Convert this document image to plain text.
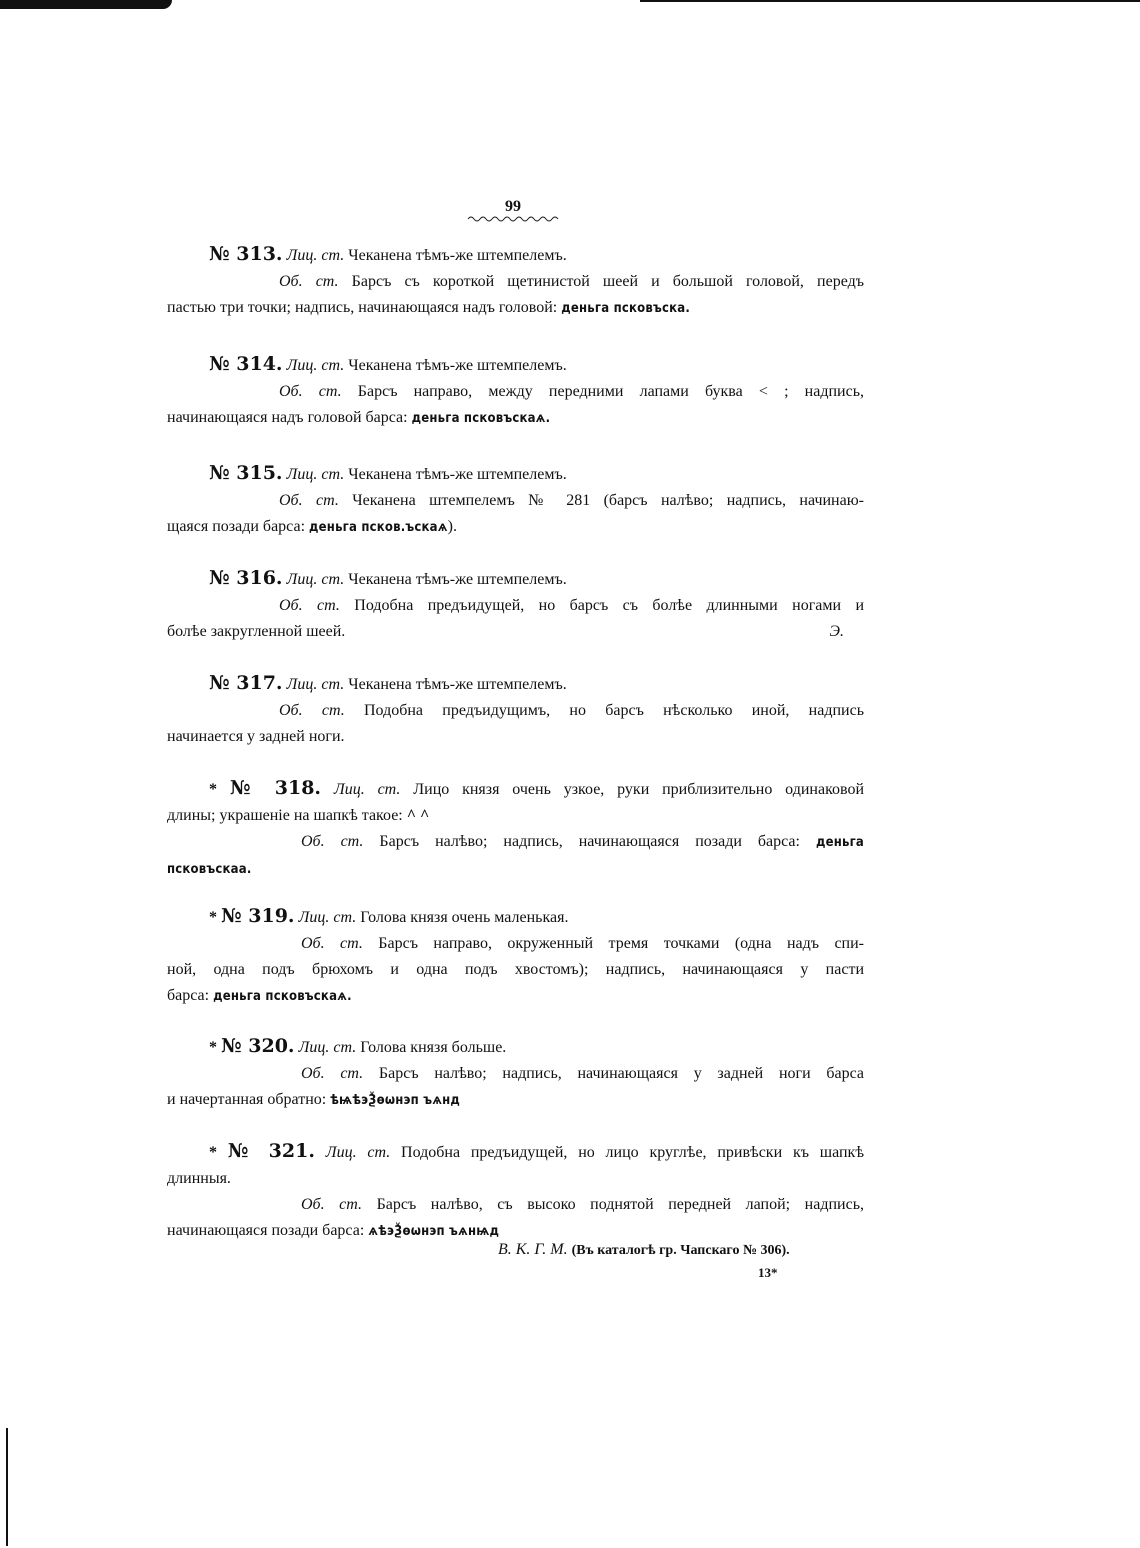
99
№ 313. Лиц. ст. Чеканена тѣмъ-же штемпелемъ.
Об. ст. Барсъ съ короткой щетинистой шеей и большой головой, передъ
пастью три точки; надпись, начинающаяся надъ головой: деньга псковъска.
№ 314. Лиц. ст. Чеканена тѣмъ-же штемпелемъ.
Об. ст. Барсъ направо, между передними лапами буква < ; надпись,
начинающаяся надъ головой барса: деньга псковъскаѧ.
№ 315. Лиц. ст. Чеканена тѣмъ-же штемпелемъ.
Об. ст. Чеканена штемпелемъ № 281 (барсъ налѣво; надпись, начинаю-
щаяся позади барса: деньга псков.ъскаѧ).
№ 316. Лиц. ст. Чеканена тѣмъ-же штемпелемъ.
Об. ст. Подобна предъидущей, но барсъ съ болѣе длинными ногами и
болѣе закругленной шеей.	Э.
№ 317. Лиц. ст. Чеканена тѣмъ-же штемпелемъ.
Об. ст. Подобна предъидущимъ, но барсъ нѣсколько иной, надпись
начинается у задней ноги.
* № 318. Лиц. ст. Лицо князя очень узкое, руки приблизительно одинаковой
длины; украшеніе на шапкѣ такое: ^ ^
Об. ст. Барсъ налѣво; надпись, начинающаяся позади барса: деньга
псковъскаа.
* № 319. Лиц. ст. Голова князя очень маленькая.
Об. ст. Барсъ направо, окруженный тремя точками (одна надъ спи-
ной, одна подъ брюхомъ и одна подъ хвостомъ); надпись, начинающаяся у пасти
барса: деньга псковъскаѧ.
* № 320. Лиц. ст. Голова князя больше.
Об. ст. Барсъ налѣво; надпись, начинающаяся у задней ноги барса
и начертанная обратно: ѣѩѣэѮѳѡнэп ъѧнд
* № 321. Лиц. ст. Подобна предъидущей, но лицо круглѣе, привѣски къ шапкѣ
длинныя.
Об. ст. Барсъ налѣво, съ высоко поднятой передней лапой; надпись,
начинающаяся позади барса: ѧѣэѮѳѡнэп ъѧнѩд
В. К. Г. М. (Въ каталогѣ гр. Чапскаго № 306).
13*
